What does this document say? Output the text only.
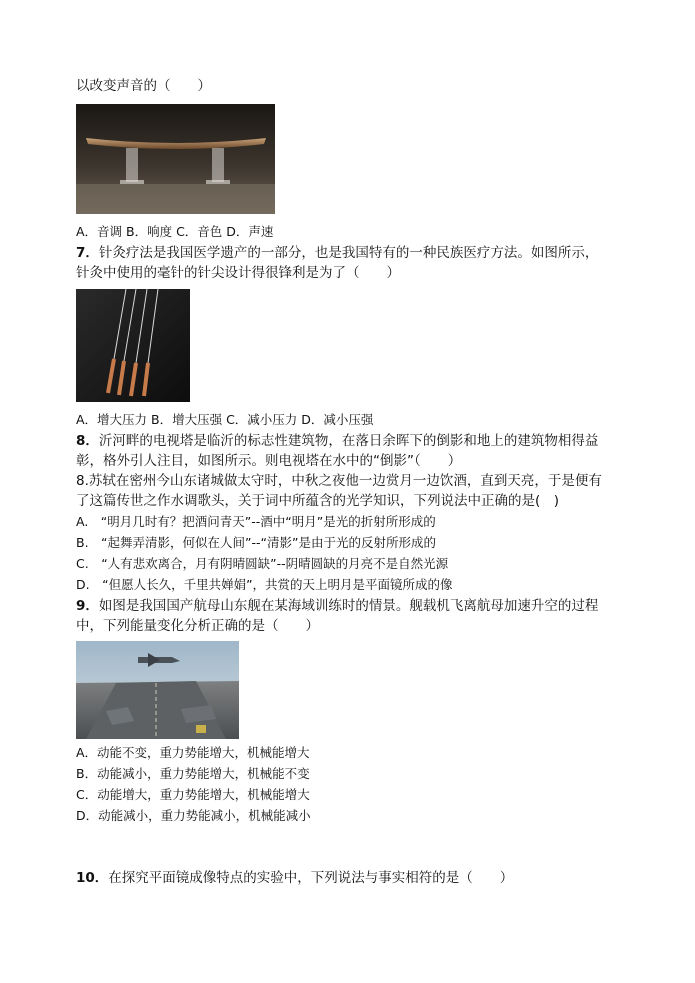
以改变声音的（　　）
A．音调 B．响度 C．音色 D．声速
7．针灸疗法是我国医学遗产的一部分，也是我国特有的一种民族医疗方法。如图所示，
针灸中使用的毫针的针尖设计得很锋利是为了（　　）
A．增大压力 B．增大压强 C．减小压力 D．减小压强
8．沂河畔的电视塔是临沂的标志性建筑物，在落日余晖下的倒影和地上的建筑物相得益
彰，格外引人注目，如图所示。则电视塔在水中的“倒影”（　　）
8.苏轼在密州今山东诸城做太守时，中秋之夜他一边赏月一边饮酒，直到天亮，于是便有
了这篇传世之作水调歌头，关于词中所蕴含的光学知识，下列说法中正确的是(　)
A.　“明月几时有？把酒问青天”--酒中“明月”是光的折射所形成的
B.　“起舞弄清影，何似在人间”--“清影”是由于光的反射所形成的
C.　“人有悲欢离合，月有阴晴圆缺”--阴晴圆缺的月亮不是自然光源
D.　“但愿人长久，千里共婵娟”，共赏的天上明月是平面镜所成的像
9．如图是我国国产航母山东舰在某海域训练时的情景。舰载机飞离航母加速升空的过程
中，下列能量变化分析正确的是（　　）
A．动能不变，重力势能增大，机械能增大
B．动能减小，重力势能增大，机械能不变
C．动能增大，重力势能增大，机械能增大
D．动能减小，重力势能减小，机械能减小
10．在探究平面镜成像特点的实验中，下列说法与事实相符的是（　　）
